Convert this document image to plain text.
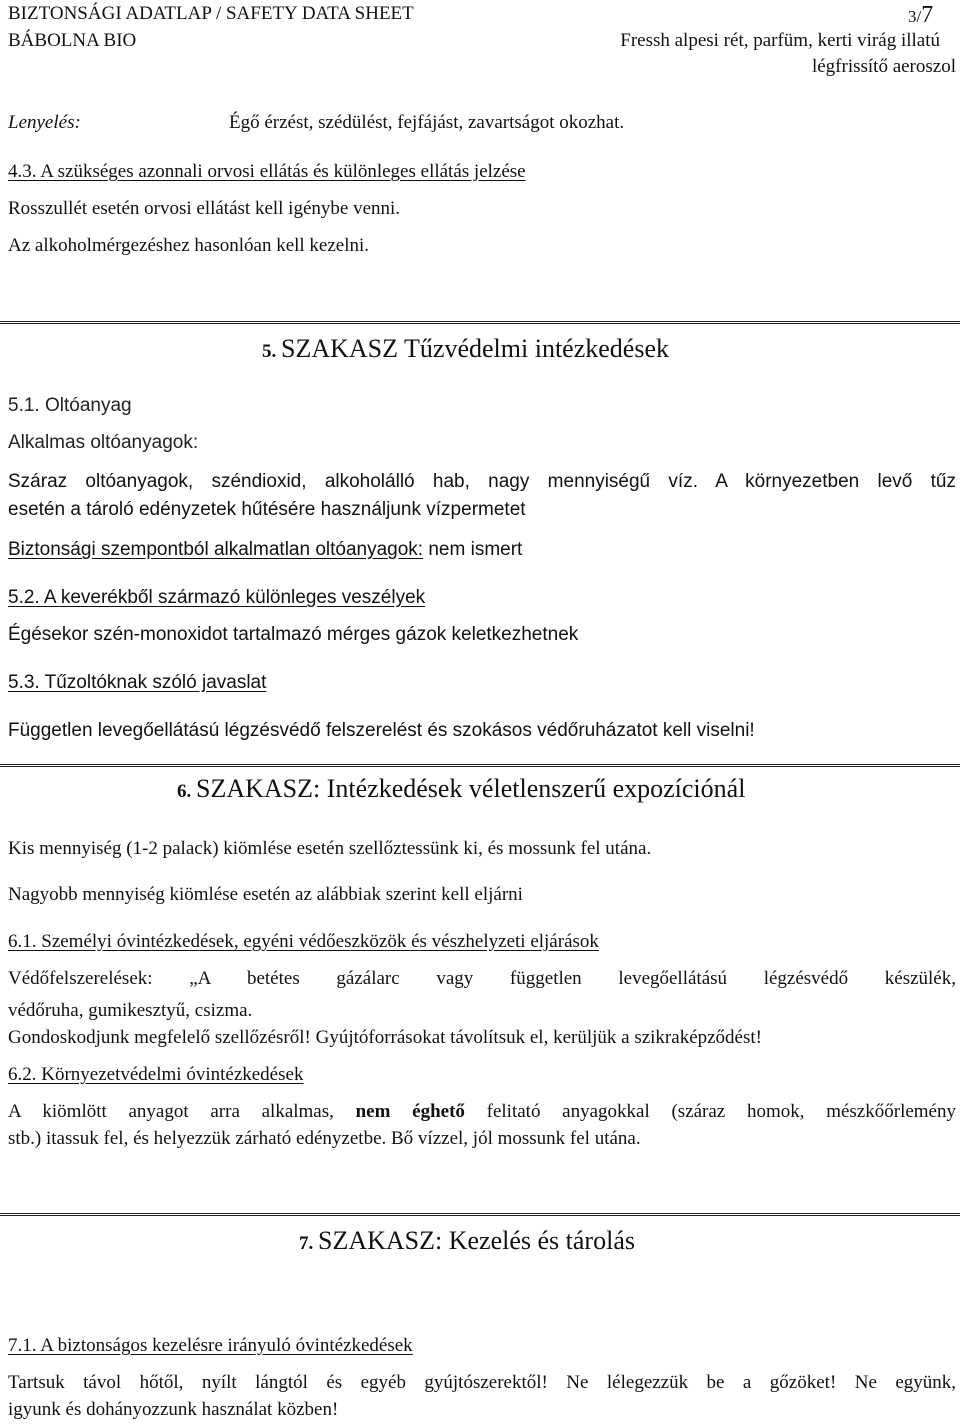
BIZTONSÁGI ADATLAP / SAFETY DATA SHEET	3/7
BÁBOLNA BIO	Fressh alpesi rét, parfüm, kerti virág illatú
légfrissítő aeroszol
Lenyelés:	Égő érzést, szédülést, fejfájást, zavartságot okozhat.
4.3. A szükséges azonnali orvosi ellátás és különleges ellátás jelzése
Rosszullét esetén orvosi ellátást kell igénybe venni.
Az alkoholmérgezéshez hasonlóan kell kezelni.
5. SZAKASZ Tűzvédelmi intézkedések
5.1. Oltóanyag
Alkalmas oltóanyagok:
Száraz oltóanyagok, széndioxid, alkoholálló hab, nagy mennyiségű víz. A környezetben levő tűz
esetén a tároló edényzetek hűtésére használjunk vízpermetet
Biztonsági szempontból alkalmatlan oltóanyagok: nem ismert
5.2. A keverékből származó különleges veszélyek
Égésekor szén-monoxidot tartalmazó mérges gázok keletkezhetnek
5.3. Tűzoltóknak szóló javaslat
Független levegőellátású légzésvédő felszerelést és szokásos védőruházatot kell viselni!
6. SZAKASZ: Intézkedések véletlenszerű expozíciónál
Kis mennyiség (1-2 palack) kiömlése esetén szellőztessünk ki, és mossunk fel utána.
Nagyobb mennyiség kiömlése esetén az alábbiak szerint kell eljárni
6.1. Személyi óvintézkedések, egyéni védőeszközök és vészhelyzeti eljárások
Védőfelszerelések: „A betétes gázálarc vagy független levegőellátású légzésvédő készülék,
védőruha, gumikesztyű, csizma.
Gondoskodjunk megfelelő szellőzésről! Gyújtóforrásokat távolítsuk el, kerüljük a szikraképződést!
6.2. Környezetvédelmi óvintézkedések
A kiömlött anyagot arra alkalmas, nem éghető felitató anyagokkal (száraz homok, mészkőőrlemény
stb.) itassuk fel, és helyezzük zárható edényzetbe. Bő vízzel, jól mossunk fel utána.
7. SZAKASZ: Kezelés és tárolás
7.1. A biztonságos kezelésre irányuló óvintézkedések
Tartsuk távol hőtől, nyílt lángtól és egyéb gyújtószerektől! Ne lélegezzük be a gőzöket! Ne együnk,
igyunk és dohányozzunk használat közben!
